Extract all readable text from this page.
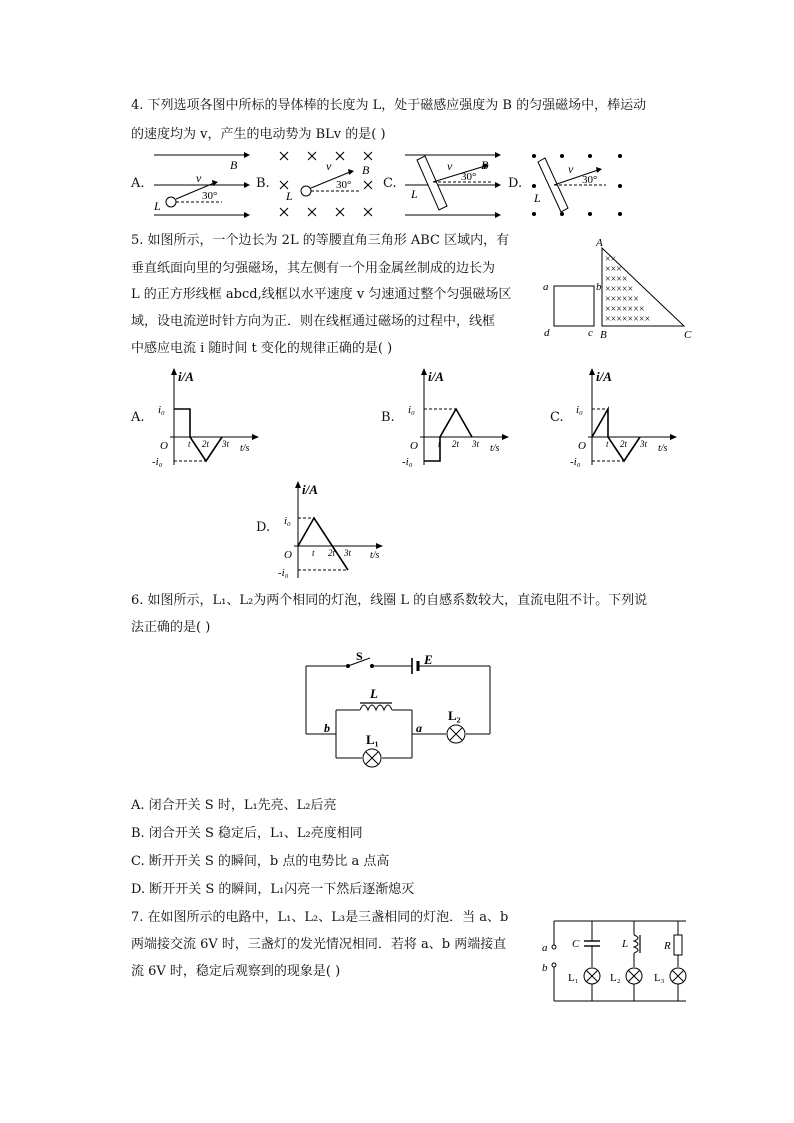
4. 下列选项各图中所标的导体棒的长度为 L，处于磁感应强度为 B 的匀强磁场中，棒运动
的速度均为 v，产生的电动势为 BLv 的是( )
A.
B
v
30°
L
B.
v
30°
B
L
C.
v
30°
B
L
D.
v
30°
L
5. 如图所示，一个边长为 2L 的等腰直角三角形 ABC 区域内，有
垂直纸面向里的匀强磁场，其左侧有一个用金属丝制成的边长为
L 的正方形线框 abcd,线框以水平速度 v 匀速通过整个匀强磁场区
域，设电流逆时针方向为正．则在线框通过磁场的过程中，线框
中感应电流 i 随时间 t 变化的规律正确的是( )
××
×××
××××
×××××
××××××
×××××××
××××××××
A
B	C
a	b
c
d
A.
i/A
t/s
O
i₀
-i₀
t 2t 3t
B.
i/A
t/s
O
i₀
-i₀
t 2t 3t
C.
i/A
t/s
O
i₀
-i₀
t 2t 3t
D.
i/A
t/s
O
i₀
-i₀
t 2t 3t
6. 如图所示，L₁、L₂为两个相同的灯泡，线圈 L 的自感系数较大，直流电阻不计。下列说
法正确的是( )
S	E
L
L₁
L₂
b	a
A. 闭合开关 S 时，L₁先亮、L₂后亮
B. 闭合开关 S 稳定后，L₁、L₂亮度相同
C. 断开开关 S 的瞬间，b 点的电势比 a 点高
D. 断开开关 S 的瞬间，L₁闪亮一下然后逐渐熄灭
7. 在如图所示的电路中，L₁、L₂、L₃是三盏相同的灯泡．当 a、b
两端接交流 6V 时，三盏灯的发光情况相同．若将 a、b 两端接直
流 6V 时，稳定后观察到的现象是( )
a
b
C	L	R
L₁	L₂	L₃
